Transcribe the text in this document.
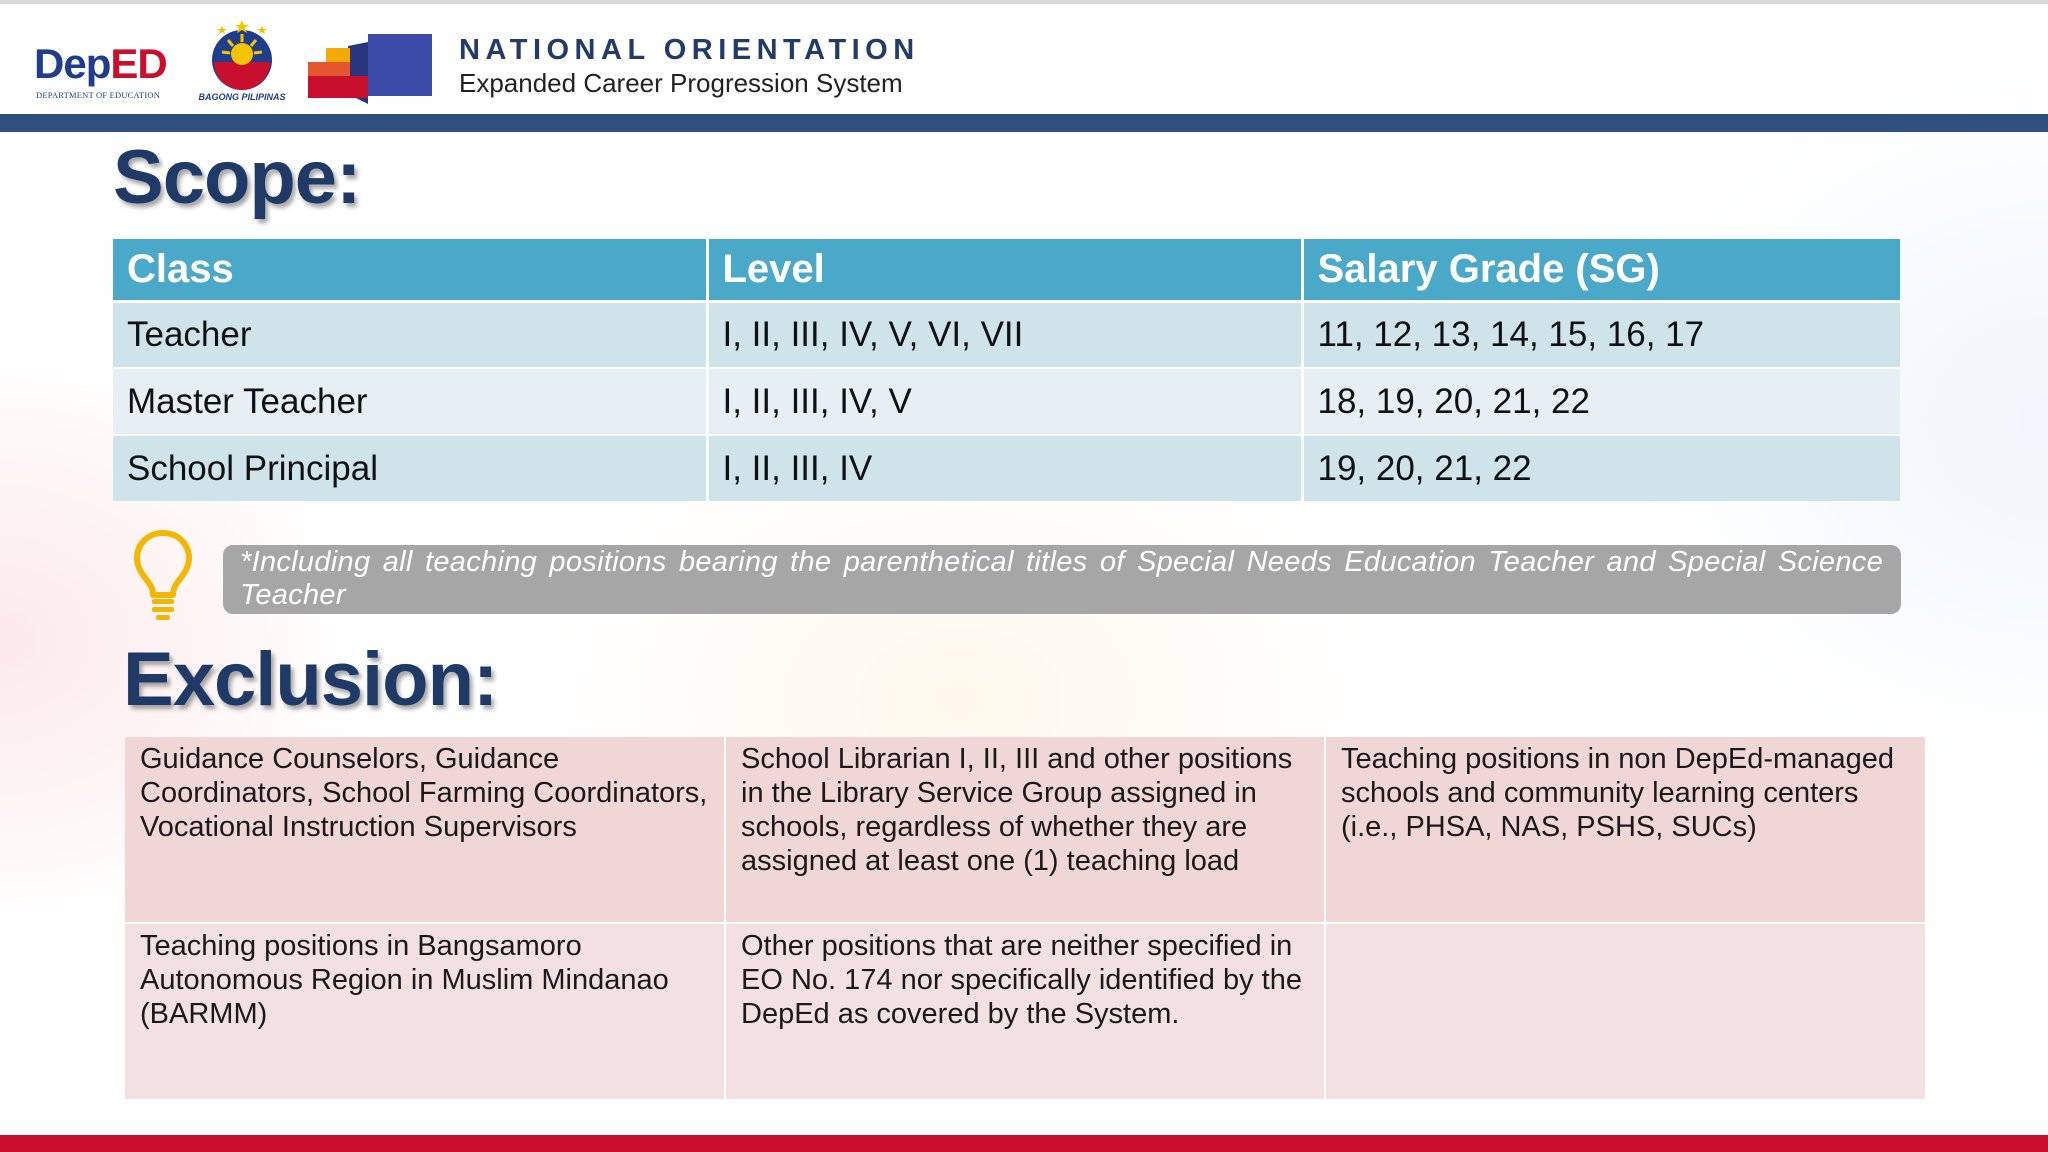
DepED
DEPARTMENT OF EDUCATION	BAGONG PILIPINAS
NATIONAL ORIENTATION
Expanded Career Progression System
Scope:
Class	Level	Salary Grade (SG)
Teacher	I, II, III, IV, V, VI, VII	11, 12, 13, 14, 15, 16, 17
Master Teacher	I, II, III, IV, V	18, 19, 20, 21, 22
School Principal	I, II, III, IV	19, 20, 21, 22
*Including all teaching positions bearing the parenthetical titles of Special Needs Education Teacher and Special Science Teacher
Exclusion:
Guidance Counselors, Guidance Coordinators, School Farming Coordinators, Vocational Instruction Supervisors	School Librarian I, II, III and other positions in the Library Service Group assigned in schools, regardless of whether they are assigned at least one (1) teaching load	Teaching positions in non DepEd-managed schools and community learning centers (i.e., PHSA, NAS, PSHS, SUCs)
Teaching positions in Bangsamoro Autonomous Region in Muslim Mindanao (BARMM)	Other positions that are neither specified in EO No. 174 nor specifically identified by the DepEd as covered by the System.	
